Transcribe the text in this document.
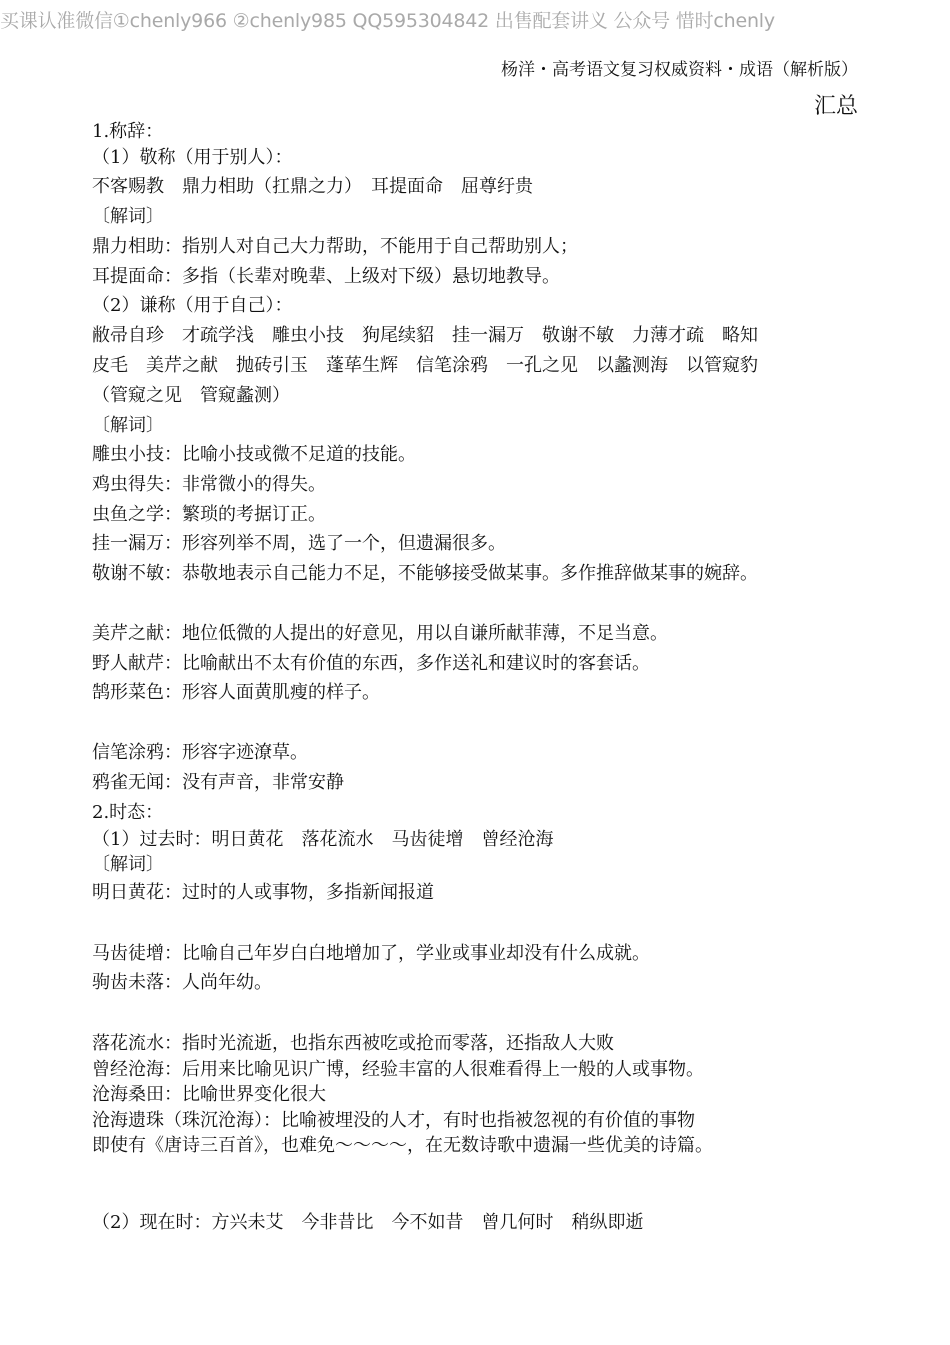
买课认准微信①chenly966 ②chenly985 QQ595304842 出售配套讲义 公众号 惜时chenly
杨洋・高考语文复习权威资料・成语（解析版）
汇总
1.称辞：
（1）敬称（用于别人）：
不客赐教　鼎力相助（扛鼎之力）　耳提面命　屈尊纡贵
〔解词〕
鼎力相助：指别人对自己大力帮助，不能用于自己帮助别人；
耳提面命：多指（长辈对晚辈、上级对下级）悬切地教导。
（2）谦称（用于自己）：
敝帚自珍　才疏学浅　雕虫小技　狗尾续貂　挂一漏万　敬谢不敏　力薄才疏　略知
皮毛　美芹之献　抛砖引玉　蓬荜生辉　信笔涂鸦　一孔之见　以蠡测海　以管窥豹
（管窥之见　管窥蠡测）
〔解词〕
雕虫小技：比喻小技或微不足道的技能。
鸡虫得失：非常微小的得失。
虫鱼之学：繁琐的考据订正。
挂一漏万：形容列举不周，选了一个，但遗漏很多。
敬谢不敏：恭敬地表示自己能力不足，不能够接受做某事。多作推辞做某事的婉辞。
美芹之献：地位低微的人提出的好意见，用以自谦所献菲薄，不足当意。
野人献芹：比喻献出不太有价值的东西，多作送礼和建议时的客套话。
鹄形菜色：形容人面黄肌瘦的样子。
信笔涂鸦：形容字迹潦草。
鸦雀无闻：没有声音，非常安静
2.时态：
（1）过去时：明日黄花　落花流水　马齿徒增　曾经沧海
〔解词〕
明日黄花：过时的人或事物，多指新闻报道
马齿徒增：比喻自己年岁白白地增加了，学业或事业却没有什么成就。
驹齿未落：人尚年幼。
落花流水：指时光流逝，也指东西被吃或抢而零落，还指敌人大败
曾经沧海：后用来比喻见识广博，经验丰富的人很难看得上一般的人或事物。
沧海桑田：比喻世界变化很大
沧海遗珠（珠沉沧海）：比喻被埋没的人才，有时也指被忽视的有价值的事物
即使有《唐诗三百首》，也难免～～～～，在无数诗歌中遗漏一些优美的诗篇。
（2）现在时：方兴未艾　今非昔比　今不如昔　曾几何时　稍纵即逝
